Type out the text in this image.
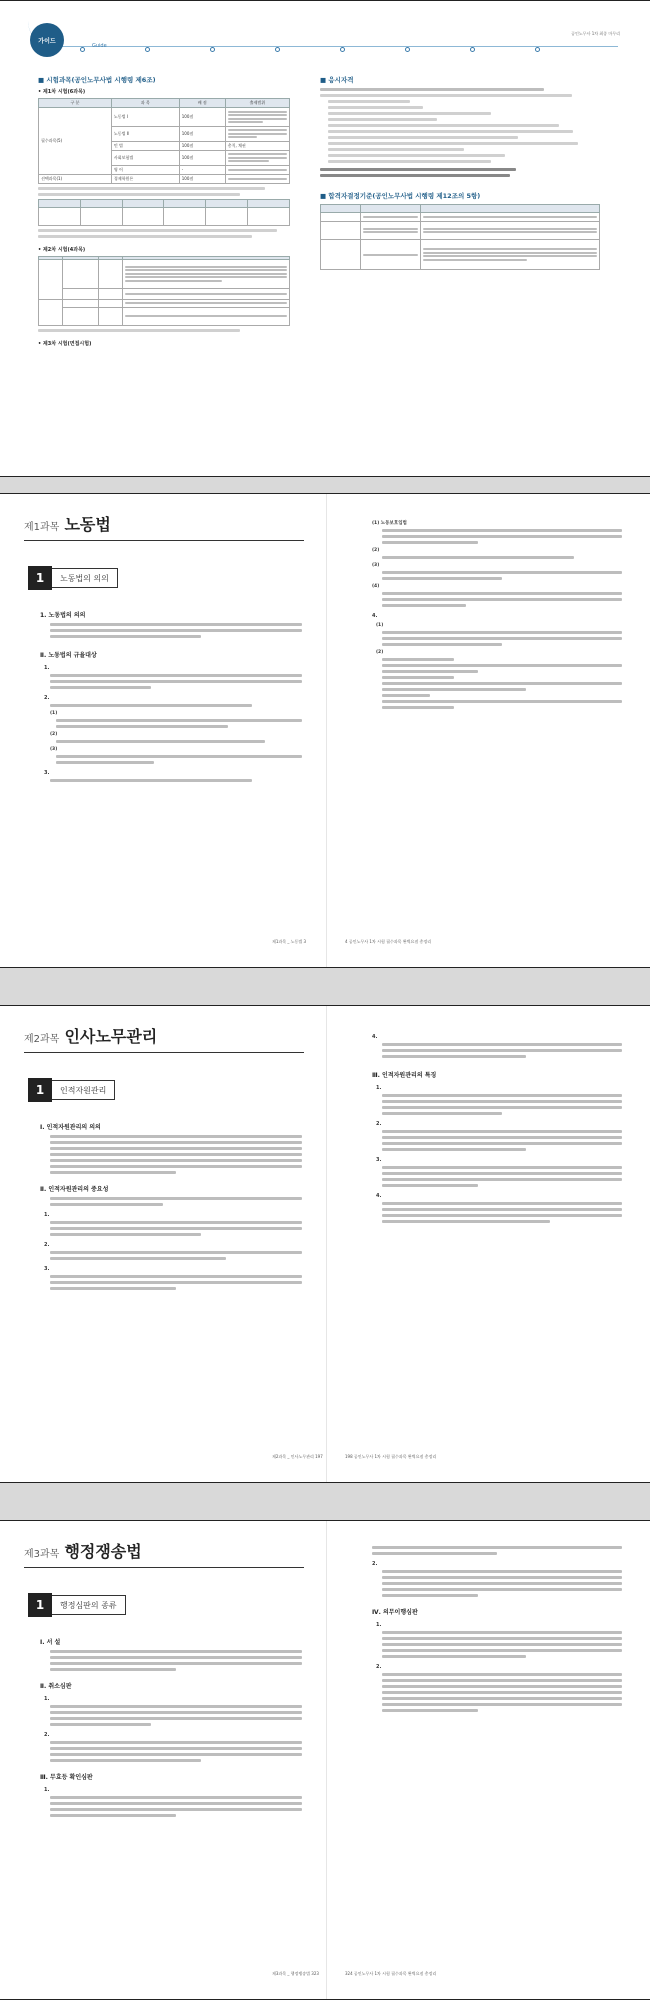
가이드
Guide
공인노무사 1차 최종 마무리
■ 시험과목(공인노무사법 시행령 제6조)
• 제1차 시험(6과목)
구 분	과 목	배 점	출제범위
필수과목(5)	노동법 Ⅰ	100점	

	노동법 Ⅱ	100점	

	민 법	100점	총칙, 채권
	사회보험법	100점	

	영 어	-	

선택과목(1)	경제학원론	100점	

• 제2차 시험(4과목)

• 제3차 시험(면접시험)
■ 응시자격
■ 합격자결정기준(공인노무사법 시행령 제12조의 5항)

제1과목 노동법
1	노동법의 의의
1. 노동법의 의의
Ⅱ. 노동법의 규율대상
1.
2.
(1)
(2)
(3)
3.
제1과목 _ 노동법 3
(1) 노동보호입법
(2)
(3)
(4)
4.
(1)
(2)
4 공인노무사 1차 시험 필수과목 완벽요점 총정리
제2과목 인사노무관리
1	인적자원관리
Ⅰ. 인적자원관리의 의의
Ⅱ. 인적자원관리의 중요성
1.
2.
3.
제2과목 _ 인사노무관리 197
4.
Ⅲ. 인적자원관리의 특징
1.
2.
3.
4.
198 공인노무사 1차 시험 필수과목 완벽요점 총정리
제3과목 행정쟁송법
1	행정심판의 종류
Ⅰ. 서 설
Ⅱ. 취소심판
1.
2.
Ⅲ. 무효등 확인심판
1.
제3과목 _ 행정쟁송법 323
2.
Ⅳ. 의무이행심판
1.
2.
324 공인노무사 1차 시험 필수과목 완벽요점 총정리
